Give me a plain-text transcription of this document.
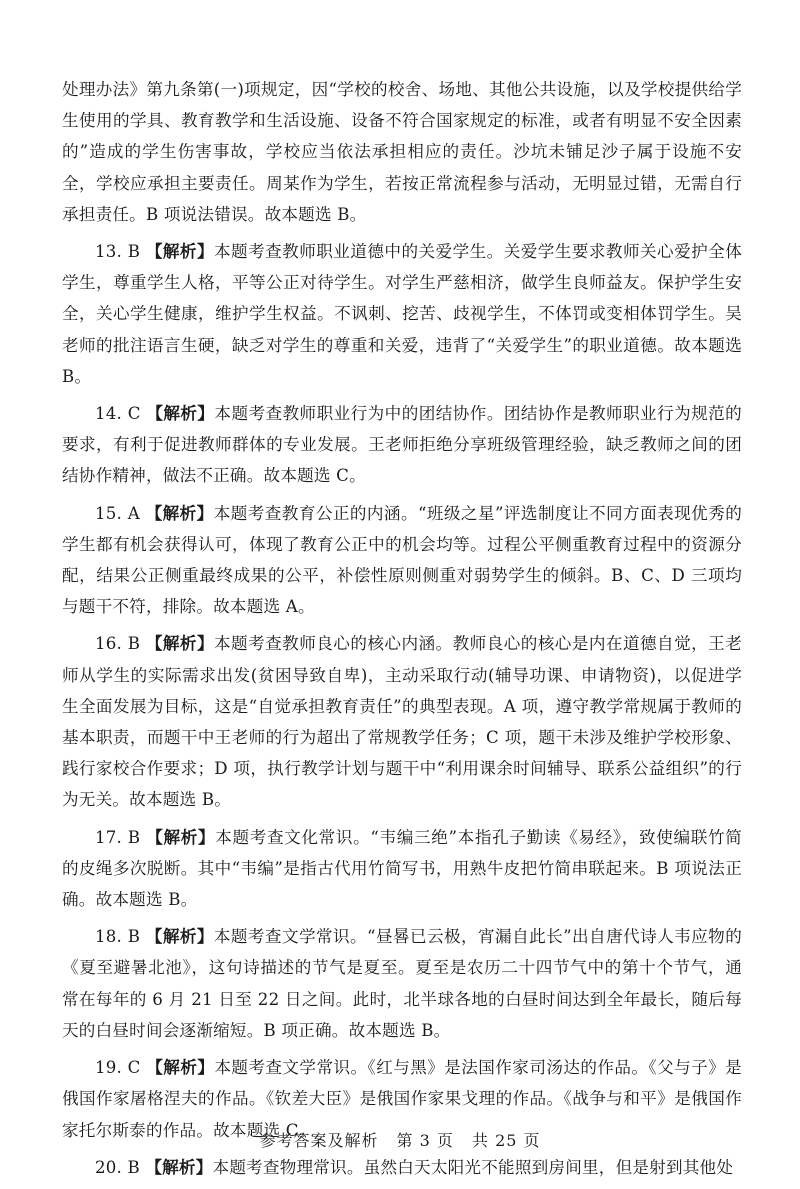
处理办法》第九条第(一)项规定，因“学校的校舍、场地、其他公共设施，以及学校提供给学生使用的学具、教育教学和生活设施、设备不符合国家规定的标准，或者有明显不安全因素的”造成的学生伤害事故，学校应当依法承担相应的责任。沙坑未铺足沙子属于设施不安全，学校应承担主要责任。周某作为学生，若按正常流程参与活动，无明显过错，无需自行承担责任。B 项说法错误。故本题选 B。

13. B 【解析】本题考查教师职业道德中的关爱学生。关爱学生要求教师关心爱护全体学生，尊重学生人格，平等公正对待学生。对学生严慈相济，做学生良师益友。保护学生安全，关心学生健康，维护学生权益。不讽刺、挖苦、歧视学生，不体罚或变相体罚学生。吴老师的批注语言生硬，缺乏对学生的尊重和关爱，违背了“关爱学生”的职业道德。故本题选 B。

14. C 【解析】本题考查教师职业行为中的团结协作。团结协作是教师职业行为规范的要求，有利于促进教师群体的专业发展。王老师拒绝分享班级管理经验，缺乏教师之间的团结协作精神，做法不正确。故本题选 C。

15. A 【解析】本题考查教育公正的内涵。“班级之星”评选制度让不同方面表现优秀的学生都有机会获得认可，体现了教育公正中的机会均等。过程公平侧重教育过程中的资源分配，结果公正侧重最终成果的公平，补偿性原则侧重对弱势学生的倾斜。B、C、D 三项均与题干不符，排除。故本题选 A。

16. B 【解析】本题考查教师良心的核心内涵。教师良心的核心是内在道德自觉，王老师从学生的实际需求出发(贫困导致自卑)，主动采取行动(辅导功课、申请物资)，以促进学生全面发展为目标，这是“自觉承担教育责任”的典型表现。A 项，遵守教学常规属于教师的基本职责，而题干中王老师的行为超出了常规教学任务；C 项，题干未涉及维护学校形象、践行家校合作要求；D 项，执行教学计划与题干中“利用课余时间辅导、联系公益组织”的行为无关。故本题选 B。

17. B 【解析】本题考查文化常识。“韦编三绝”本指孔子勤读《易经》，致使编联竹简的皮绳多次脱断。其中“韦编”是指古代用竹简写书，用熟牛皮把竹简串联起来。B 项说法正确。故本题选 B。

18. B 【解析】本题考查文学常识。“昼晷已云极，宵漏自此长”出自唐代诗人韦应物的《夏至避暑北池》，这句诗描述的节气是夏至。夏至是农历二十四节气中的第十个节气，通常在每年的 6 月 21 日至 22 日之间。此时，北半球各地的白昼时间达到全年最长，随后每天的白昼时间会逐渐缩短。B 项正确。故本题选 B。

19. C 【解析】本题考查文学常识。《红与黑》是法国作家司汤达的作品。《父与子》是俄国作家屠格涅夫的作品。《钦差大臣》是俄国作家果戈理的作品。《战争与和平》是俄国作家托尔斯泰的作品。故本题选 C。

20. B 【解析】本题考查物理常识。虽然白天太阳光不能照到房间里，但是射到其他处

参考答案及解析 第 3 页 共 25 页
